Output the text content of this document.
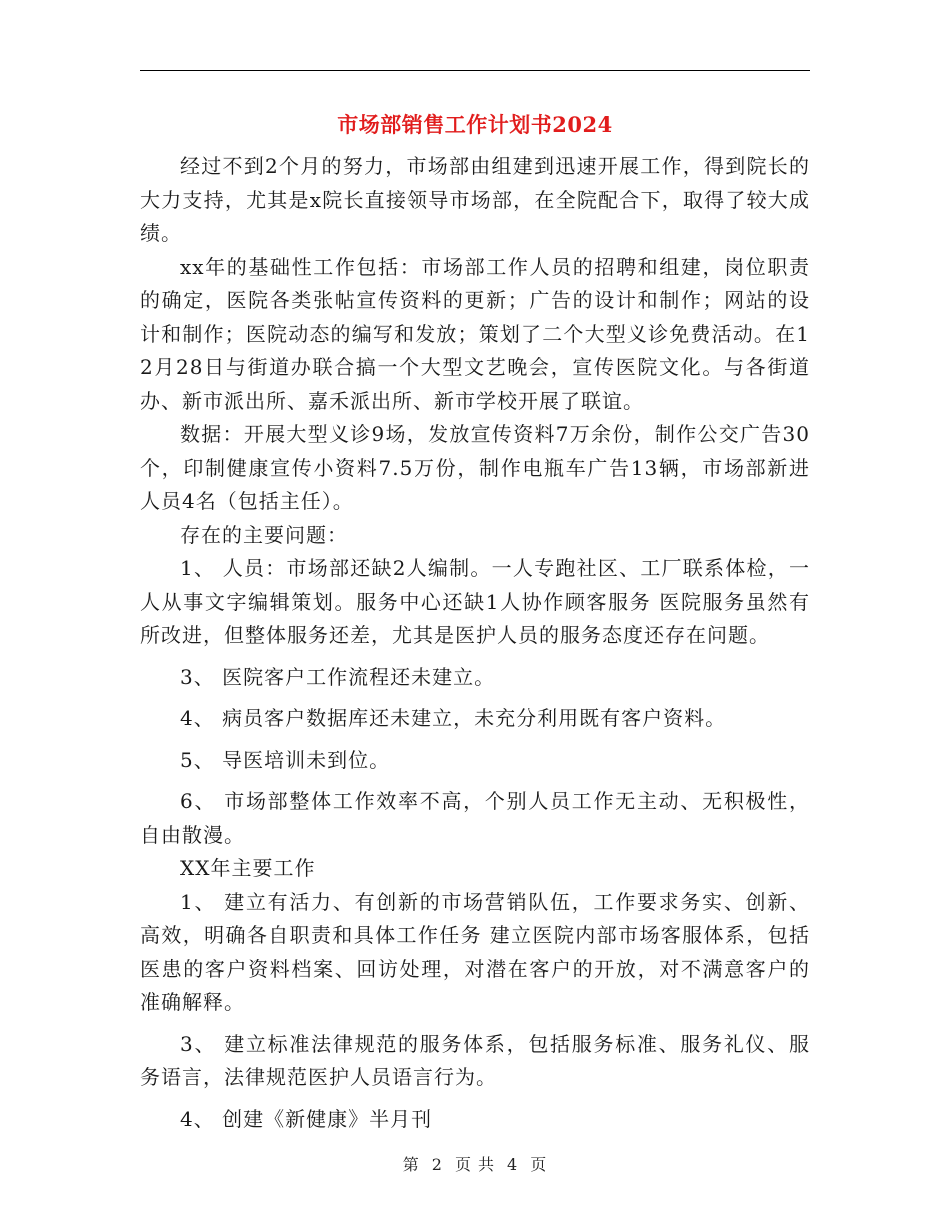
市场部销售工作计划书2024

经过不到2个月的努力，市场部由组建到迅速开展工作，得到院长的大力支持，尤其是x院长直接领导市场部，在全院配合下，取得了较大成绩。

xx年的基础性工作包括：市场部工作人员的招聘和组建，岗位职责的确定，医院各类张帖宣传资料的更新；广告的设计和制作；网站的设计和制作；医院动态的编写和发放；策划了二个大型义诊免费活动。在12月28日与街道办联合搞一个大型文艺晚会，宣传医院文化。与各街道办、新市派出所、嘉禾派出所、新市学校开展了联谊。

数据：开展大型义诊9场，发放宣传资料7万余份，制作公交广告30个，印制健康宣传小资料7.5万份，制作电瓶车广告13辆，市场部新进人员4名（包括主任）。

存在的主要问题：

1、 人员：市场部还缺2人编制。一人专跑社区、工厂联系体检，一人从事文字编辑策划。服务中心还缺1人协作顾客服务 医院服务虽然有所改进，但整体服务还差，尤其是医护人员的服务态度还存在问题。

3、 医院客户工作流程还未建立。

4、 病员客户数据库还未建立，未充分利用既有客户资料。

5、 导医培训未到位。

6、 市场部整体工作效率不高，个别人员工作无主动、无积极性，自由散漫。

XX年主要工作

1、 建立有活力、有创新的市场营销队伍，工作要求务实、创新、高效，明确各自职责和具体工作任务 建立医院内部市场客服体系，包括医患的客户资料档案、回访处理，对潜在客户的开放，对不满意客户的准确解释。

3、 建立标准法律规范的服务体系，包括服务标准、服务礼仪、服务语言，法律规范医护人员语言行为。

4、 创建《新健康》半月刊

第 2 页 共 4 页
